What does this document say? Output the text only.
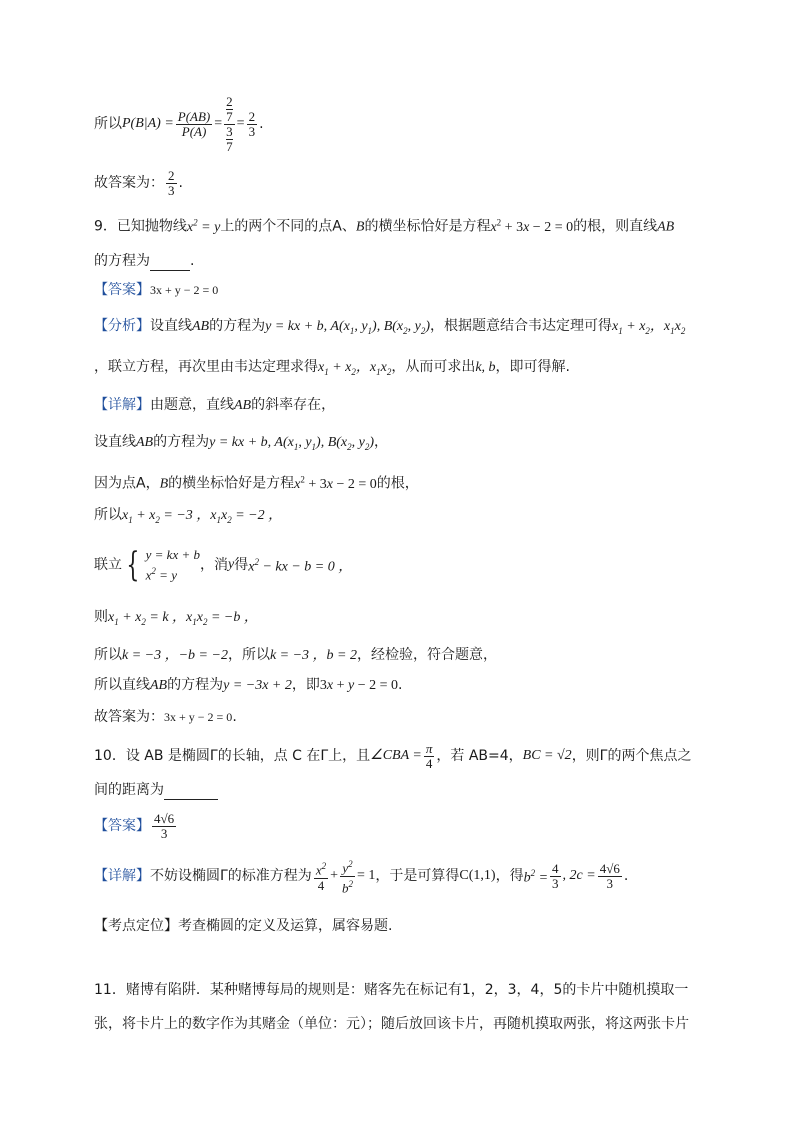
所以 $P(B|A) = \frac{P(AB)}{P(A)} = \frac{\frac{2}{7}}{\frac{3}{7}} = \frac{2}{3}$ .
故答案为： $\frac{2}{3}$ .
9．已知抛物线$x^2 = y$上的两个不同的点A、B的横坐标恰好是方程$x^2 + 3x - 2 = 0$的根，则直线AB
的方程为	.
【答案】3x + y − 2 = 0
【分析】设直线AB的方程为y = kx + b, $A(x_1$, $y_1$), $B(x_2$, $y_2$)，根据题意结合韦达定理可得$x_1 + x_2$，$x_1x_2$
，联立方程，再次里由韦达定理求得$x_1 + x_2$，$x_1x_2$，从而可求出k, b，即可得解.
【详解】由题意，直线AB的斜率存在，
设直线AB的方程为y = kx + b, $A(x_1$, $y_1$), $B(x_2$, $y_2$)，
因为点A，B的横坐标恰好是方程$x^2 + 3x - 2 = 0$的根，
所以$x_1 + x_2 = -3$ ，$x_1x_2 = -2$ ，
联立 { y = kx + b
$x^2 = y$
，消 y 得 $x^2$ − kx − b = 0 ，
则$x_1 + x_2 = k$ ，$x_1x_2 = -b$ ，
所以k = −3 ，−b = −2，所以k = −3 ，b = 2，经检验，符合题意，
所以直线AB的方程为y = −3x + 2，即3x + y − 2 = 0.
故答案为：3x + y − 2 = 0.
10．设 AB 是椭圆Γ的长轴，点 C 在Γ上，且 ∠CBA = $\frac{\pi}{4}$ ，若 AB=4， BC = √2 ，则Γ的两个焦点之
间的距离为
【答案】 $\frac{4√6}{3}$
【详解】 不妨设椭圆Γ的标准方程为 $\frac{x^2}{4} + \frac{y^2}{b^2} = 1$ ，于是可算得 C(1,1) ，得 $b^2 = \frac{4}{3}$ , $2c = \frac{4√6}{3}$ .
【考点定位】考查椭圆的定义及运算，属容易题.
11．赌博有陷阱．某种赌博每局的规则是：赌客先在标记有1，2，3，4，5的卡片中随机摸取一
张，将卡片上的数字作为其赌金（单位：元）；随后放回该卡片，再随机摸取两张，将这两张卡片
